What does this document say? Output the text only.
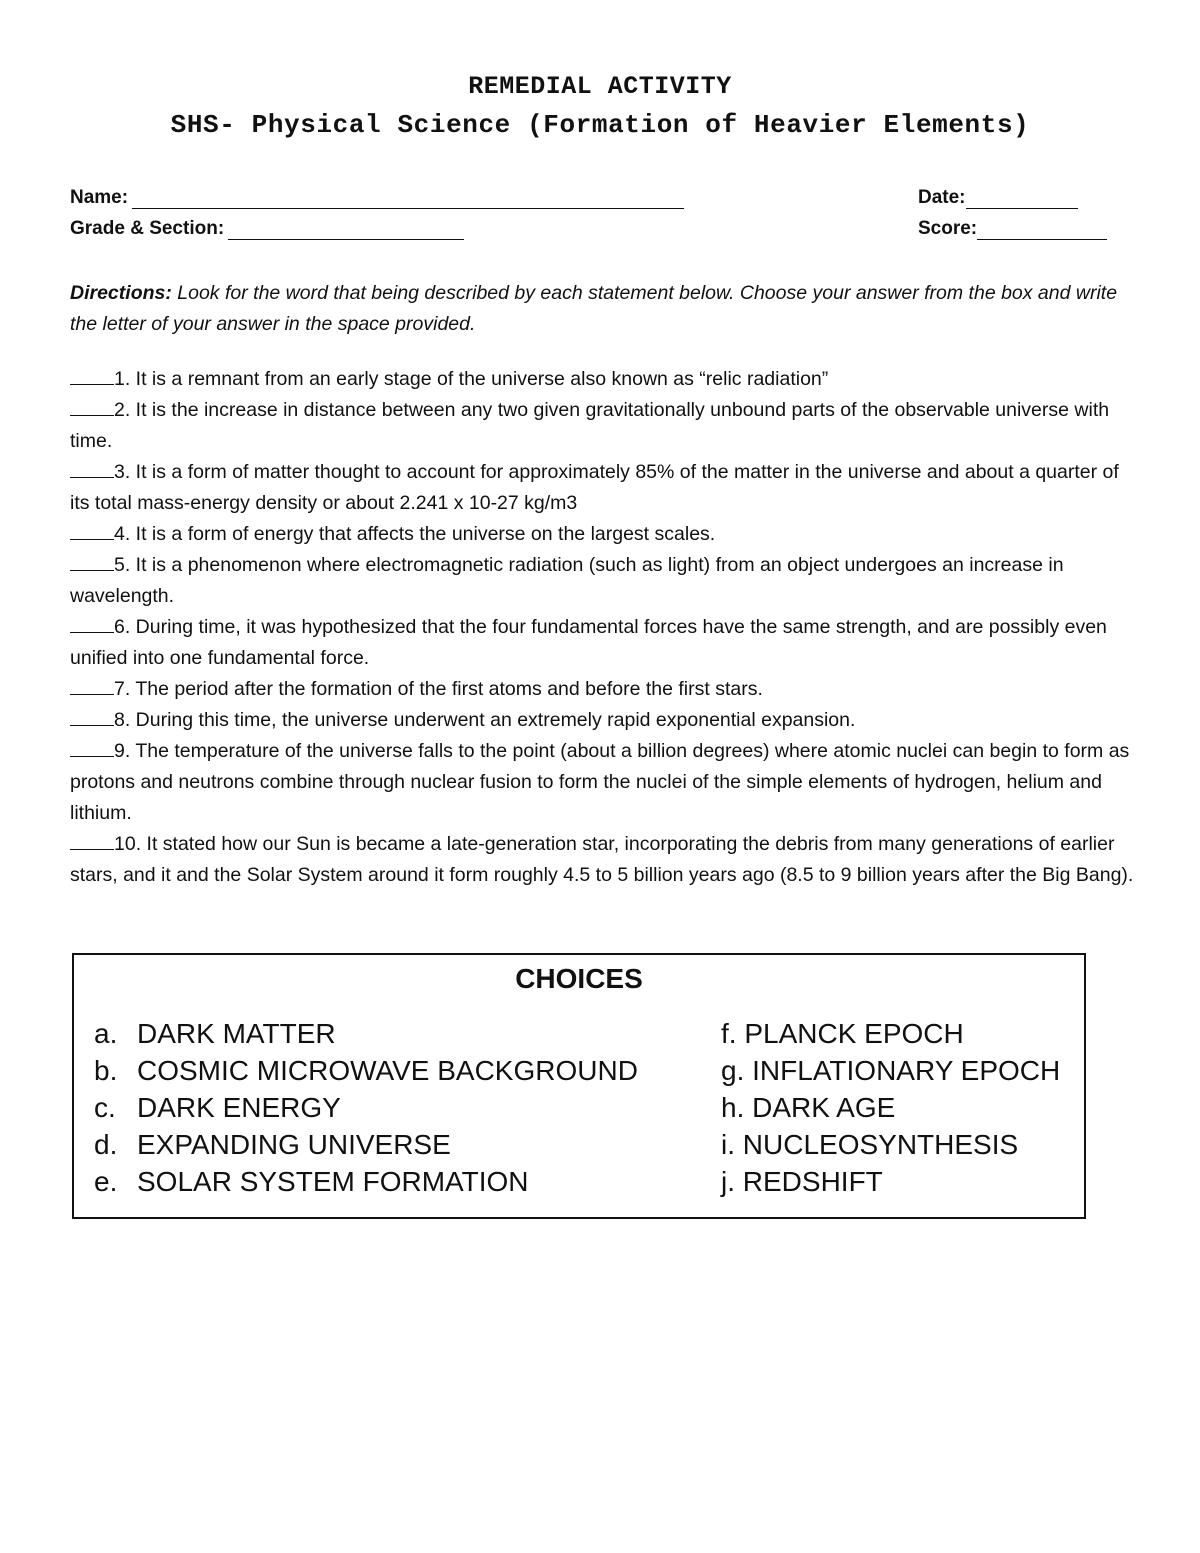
REMEDIAL ACTIVITY
SHS- Physical Science (Formation of Heavier Elements)
Name:	Date:
Grade & Section:	Score:

Directions: Look for the word that being described by each statement below. Choose your answer from the box and write the letter of your answer in the space provided.

1. It is a remnant from an early stage of the universe also known as “relic radiation”
2. It is the increase in distance between any two given gravitationally unbound parts of the observable universe with time.
3. It is a form of matter thought to account for approximately 85% of the matter in the universe and about a quarter of its total mass-energy density or about 2.241 x 10-27 kg/m3
4. It is a form of energy that affects the universe on the largest scales.
5. It is a phenomenon where electromagnetic radiation (such as light) from an object undergoes an increase in wavelength.
6. During time, it was hypothesized that the four fundamental forces have the same strength, and are possibly even unified into one fundamental force.
7. The period after the formation of the first atoms and before the first stars.
8. During this time, the universe underwent an extremely rapid exponential expansion.
9. The temperature of the universe falls to the point (about a billion degrees) where atomic nuclei can begin to form as protons and neutrons combine through nuclear fusion to form the nuclei of the simple elements of hydrogen, helium and lithium.
10. It stated how our Sun is became a late-generation star, incorporating the debris from many generations of earlier stars, and it and the Solar System around it form roughly 4.5 to 5 billion years ago (8.5 to 9 billion years after the Big Bang).
CHOICES
a. DARK MATTER
b. COSMIC MICROWAVE BACKGROUND
c. DARK ENERGY
d. EXPANDING UNIVERSE
e. SOLAR SYSTEM FORMATION
f. PLANCK EPOCH
g. INFLATIONARY EPOCH
h. DARK AGE
i. NUCLEOSYNTHESIS
j. REDSHIFT
